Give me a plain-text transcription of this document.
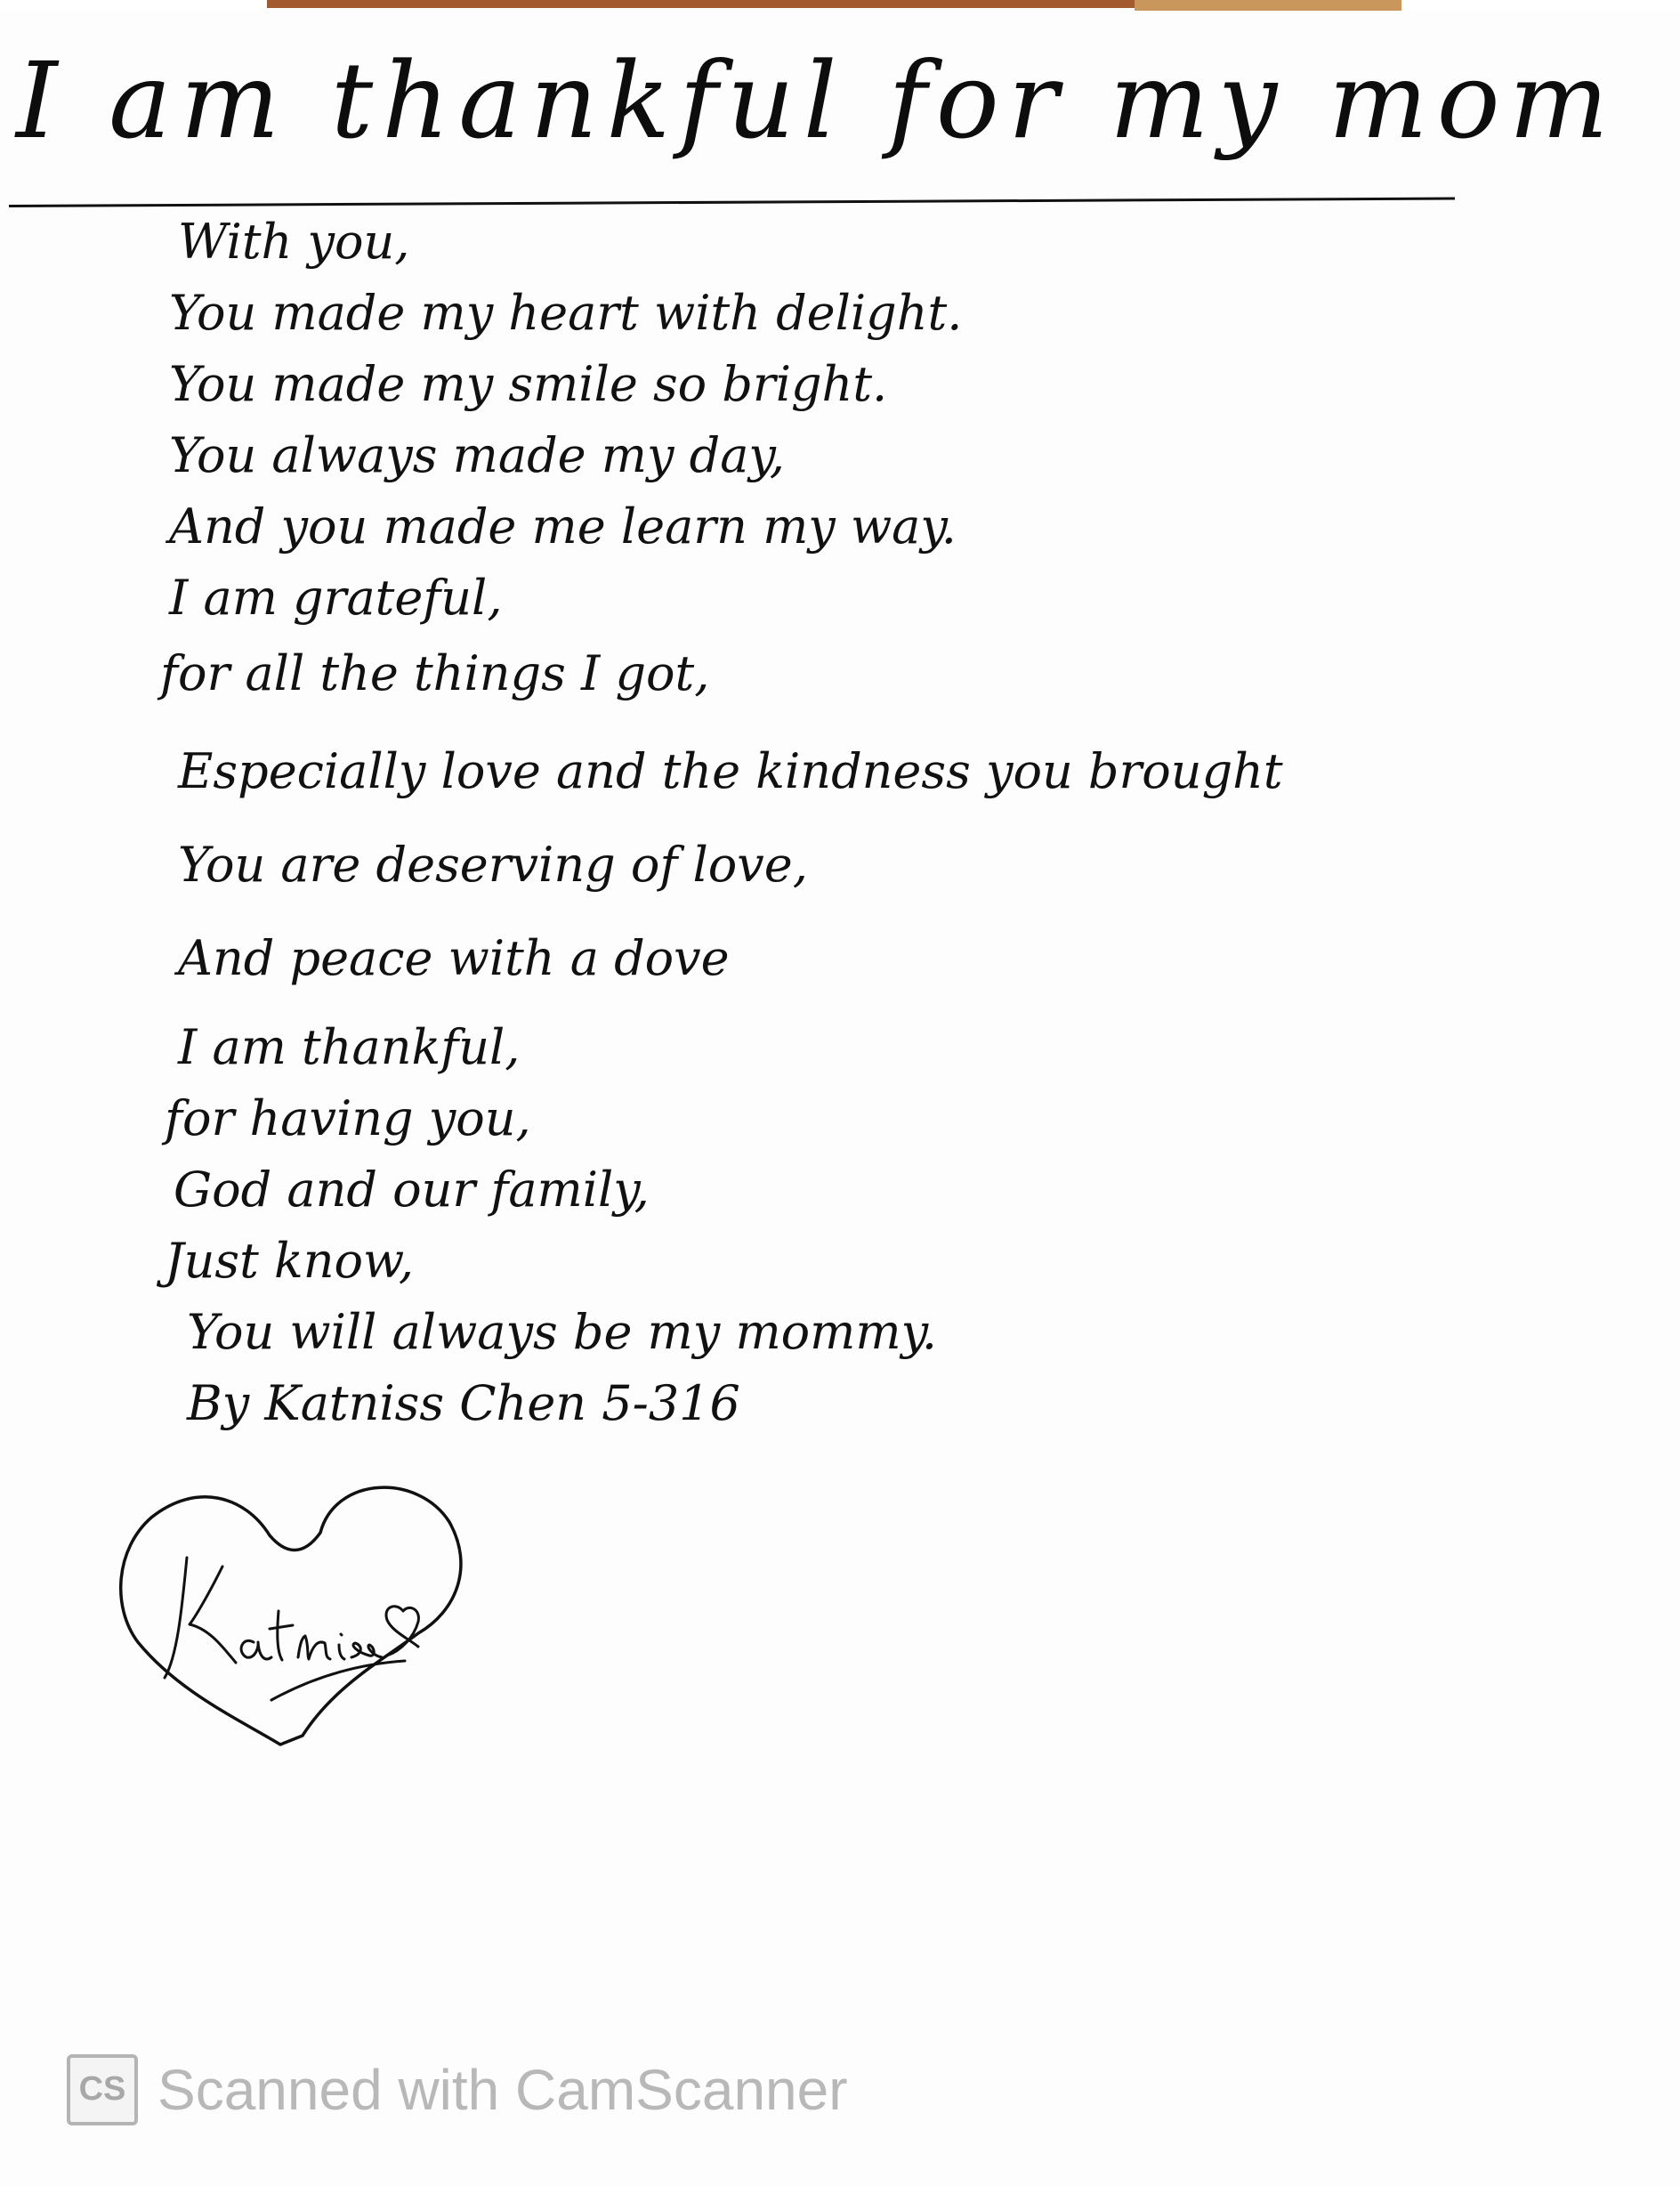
I am thankful for my mom
With you,
You made my heart with delight.
You made my smile so bright.
You always made my day,
And you made me learn my way.
I am grateful,
for all the things I got,
Especially love and the kindness you brought
You are deserving of love,
And peace with a dove
I am thankful,
for having you,
God and our family,
Just know,
You will always be my mommy.
By Katniss Chen 5-316
CS Scanned with CamScanner
